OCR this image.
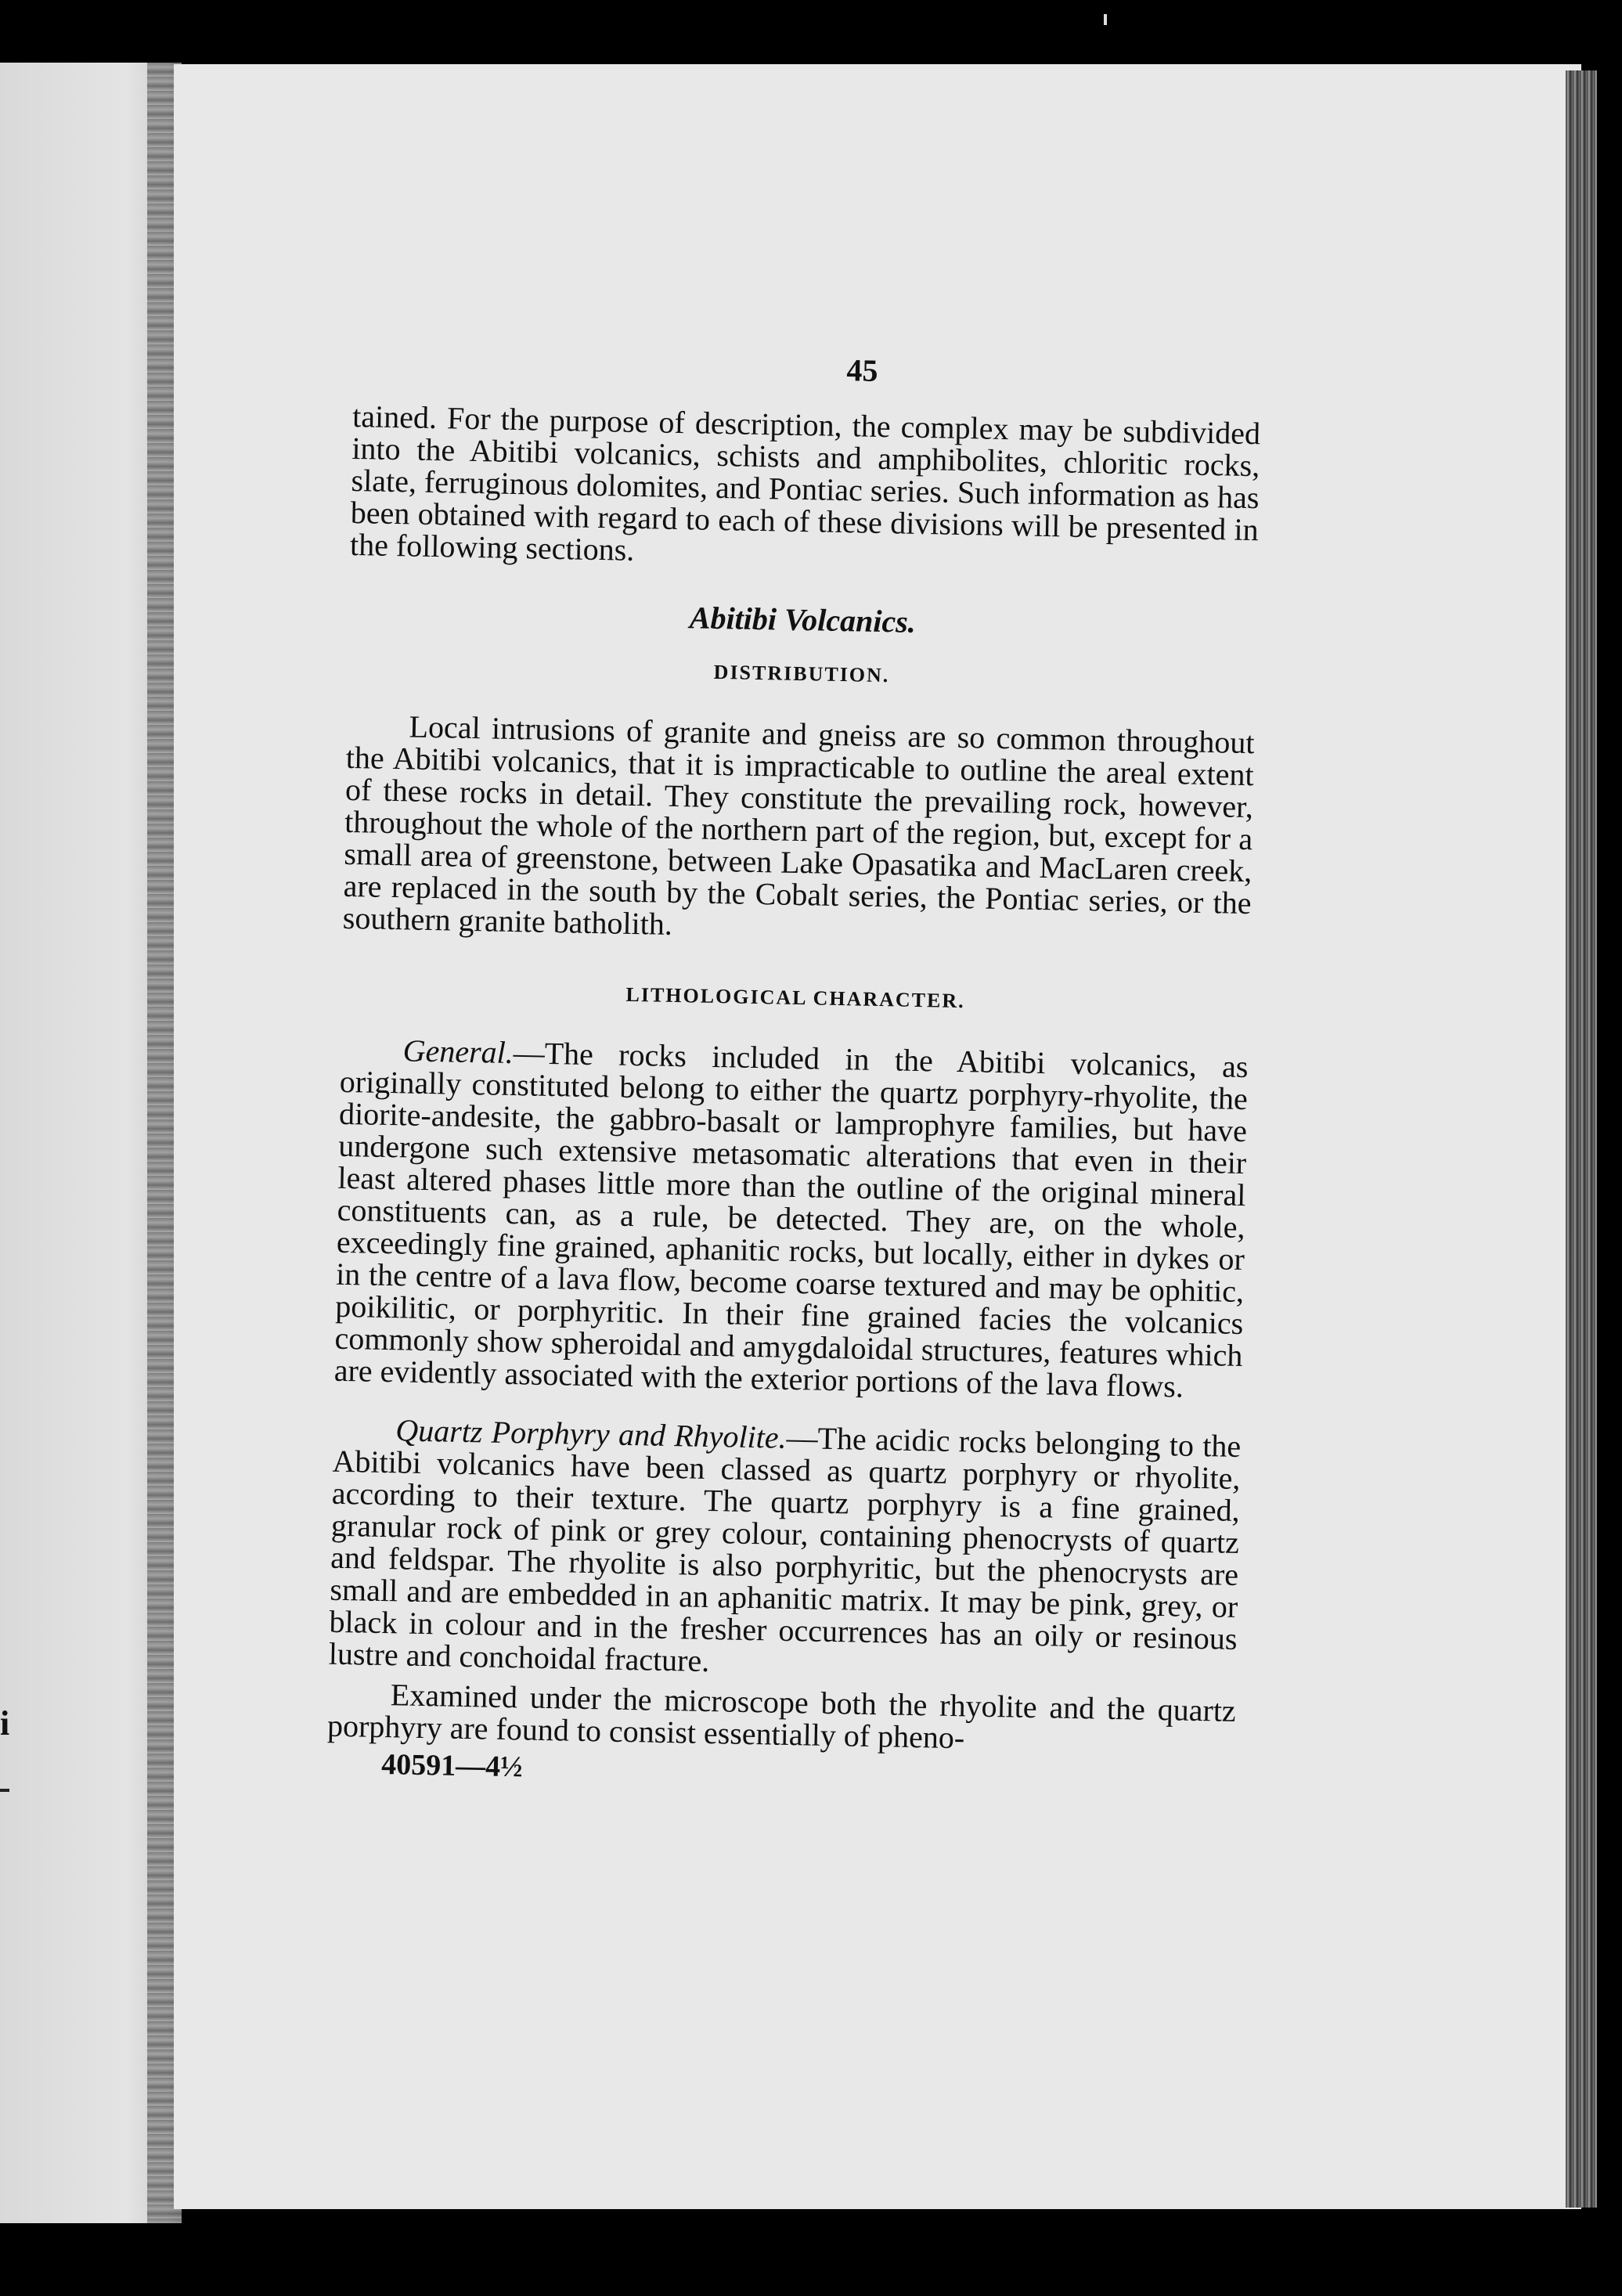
i
45

tained. For the purpose of description, the complex may be subdivided into the Abitibi volcanics, schists and amphibolites, chloritic rocks, slate, ferruginous dolomites, and Pontiac series. Such information as has been obtained with regard to each of these divisions will be presented in the following sections.

Abitibi Volcanics.
DISTRIBUTION.

Local intrusions of granite and gneiss are so common throughout the Abitibi volcanics, that it is impracticable to outline the areal extent of these rocks in detail. They constitute the prevailing rock, however, throughout the whole of the northern part of the region, but, except for a small area of greenstone, between Lake Opasatika and MacLaren creek, are replaced in the south by the Cobalt series, the Pontiac series, or the southern granite batholith.

LITHOLOGICAL CHARACTER.

General.—The rocks included in the Abitibi volcanics, as originally constituted belong to either the quartz porphyry-rhyolite, the diorite-andesite, the gabbro-basalt or lamprophyre families, but have undergone such extensive metasomatic alterations that even in their least altered phases little more than the outline of the original mineral constituents can, as a rule, be detected. They are, on the whole, exceedingly fine grained, aphanitic rocks, but locally, either in dykes or in the centre of a lava flow, become coarse textured and may be ophitic, poikilitic, or porphyritic. In their fine grained facies the volcanics commonly show spheroidal and amygdaloidal structures, features which are evidently associated with the exterior portions of the lava flows.

Quartz Porphyry and Rhyolite.—The acidic rocks belonging to the Abitibi volcanics have been classed as quartz porphyry or rhyolite, according to their texture. The quartz porphyry is a fine grained, granular rock of pink or grey colour, containing phenocrysts of quartz and feldspar. The rhyolite is also porphyritic, but the phenocrysts are small and are embedded in an aphanitic matrix. It may be pink, grey, or black in colour and in the fresher occurrences has an oily or resinous lustre and conchoidal fracture.

Examined under the microscope both the rhyolite and the quartz porphyry are found to consist essentially of pheno-

40591—4½
